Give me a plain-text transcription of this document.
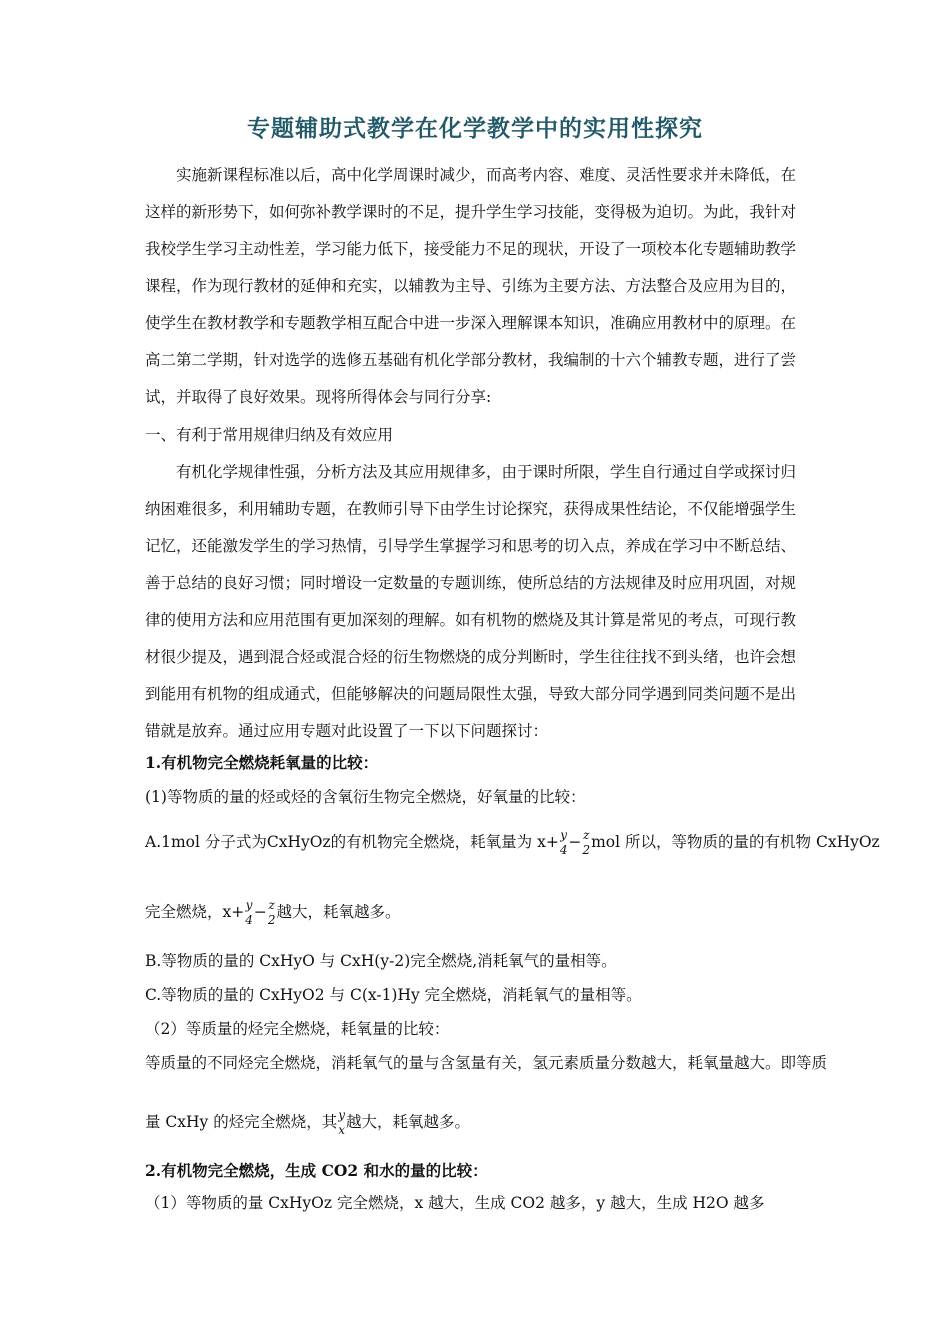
专题辅助式教学在化学教学中的实用性探究
实施新课程标准以后，高中化学周课时减少，而高考内容、难度、灵活性要求并未降低，在这样的新形势下，如何弥补教学课时的不足，提升学生学习技能，变得极为迫切。为此，我针对我校学生学习主动性差，学习能力低下，接受能力不足的现状，开设了一项校本化专题辅助教学课程，作为现行教材的延伸和充实，以辅教为主导、引练为主要方法、方法整合及应用为目的，使学生在教材教学和专题教学相互配合中进一步深入理解课本知识，准确应用教材中的原理。在高二第二学期，针对选学的选修五基础有机化学部分教材，我编制的十六个辅教专题，进行了尝试，并取得了良好效果。现将所得体会与同行分享:
一、有利于常用规律归纳及有效应用
有机化学规律性强，分析方法及其应用规律多，由于课时所限，学生自行通过自学或探讨归纳困难很多，利用辅助专题，在教师引导下由学生讨论探究，获得成果性结论，不仅能增强学生记忆，还能激发学生的学习热情，引导学生掌握学习和思考的切入点，养成在学习中不断总结、善于总结的良好习惯；同时增设一定数量的专题训练，使所总结的方法规律及时应用巩固，对规律的使用方法和应用范围有更加深刻的理解。如有机物的燃烧及其计算是常见的考点，可现行教材很少提及，遇到混合烃或混合烃的衍生物燃烧的成分判断时，学生往往找不到头绪，也许会想到能用有机物的组成通式，但能够解决的问题局限性太强，导致大部分同学遇到同类问题不是出错就是放弃。通过应用专题对此设置了一下以下问题探讨：
1.有机物完全燃烧耗氧量的比较：
(1)等物质的量的烃或烃的含氧衍生物完全燃烧，好氧量的比较：
A.1mol 分子式为CxHyOz的有机物完全燃烧，耗氧量为 x+ y
4 − z
2 mol 所以，等物质的量的有机物 CxHyOz
完全燃烧，x+ y
4 − z
2 越大，耗氧越多。
B.等物质的量的 CxHyO 与 CxH(y-2)完全燃烧,消耗氧气的量相等。
C.等物质的量的 CxHyO2 与 C(x-1)Hy 完全燃烧，消耗氧气的量相等。
（2）等质量的烃完全燃烧，耗氧量的比较：
等质量的不同烃完全燃烧，消耗氧气的量与含氢量有关，氢元素质量分数越大，耗氧量越大。即等质
量 CxHy 的烃完全燃烧，其 y
x 越大，耗氧越多。
2.有机物完全燃烧，生成 CO2 和水的量的比较：
（1）等物质的量 CxHyOz 完全燃烧，x 越大，生成 CO2 越多，y 越大，生成 H2O 越多
